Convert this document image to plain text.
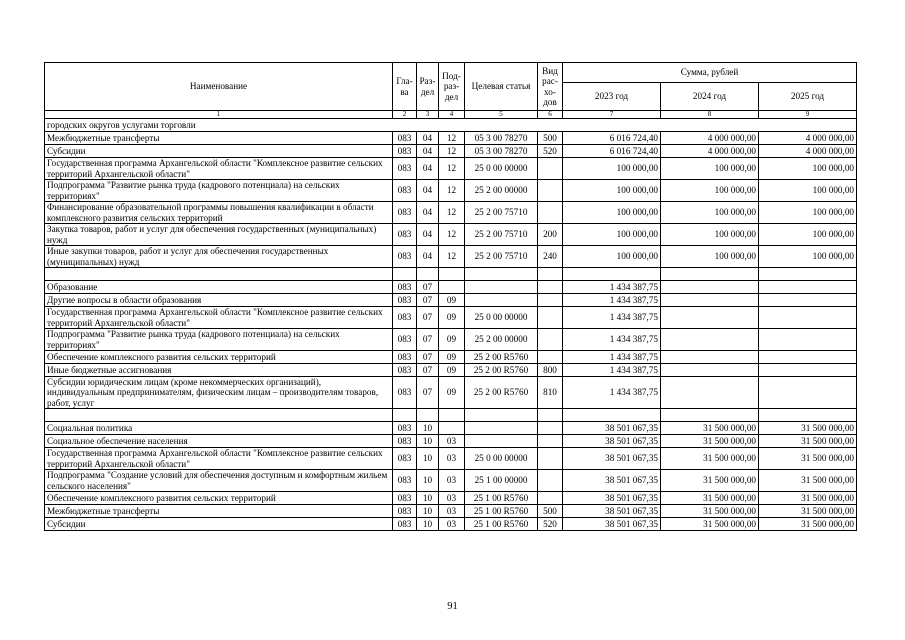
Наименование	Гла-ва	Раз-дел	Под-раз-дел	Целевая статья	Вид рас-хо-дов	Сумма, рублей		
						2023 год	2024 год	2025 год
1	2	3	4	5	6	7	8	9
городских округов услугами торговли								
Межбюджетные трансферты	083	04	12	05 3 00 78270	500	6 016 724,40	4 000 000,00	4 000 000,00
Субсидии	083	04	12	05 3 00 78270	520	6 016 724,40	4 000 000,00	4 000 000,00
Государственная программа Архангельской области "Комплексное развитие сельских территорий Архангельской области"	083	04	12	25 0 00 00000		100 000,00	100 000,00	100 000,00
Подпрограмма "Развитие рынка труда (кадрового потенциала) на сельских территориях"	083	04	12	25 2 00 00000		100 000,00	100 000,00	100 000,00
Финансирование образовательной программы повышения квалификации в области комплексного развития сельских территорий	083	04	12	25 2 00 75710		100 000,00	100 000,00	100 000,00
Закупка товаров, работ и услуг для обеспечения государственных (муниципальных) нужд	083	04	12	25 2 00 75710	200	100 000,00	100 000,00	100 000,00
Иные закупки товаров, работ и услуг для обеспечения государственных (муниципальных) нужд	083	04	12	25 2 00 75710	240	100 000,00	100 000,00	100 000,00

Образование	083	07				1 434 387,75		
Другие вопросы в области образования	083	07	09			1 434 387,75		
Государственная программа Архангельской области "Комплексное развитие сельских территорий Архангельской области"	083	07	09	25 0 00 00000		1 434 387,75		
Подпрограмма "Развитие рынка труда (кадрового потенциала) на сельских территориях"	083	07	09	25 2 00 00000		1 434 387,75		
Обеспечение комплексного развития сельских территорий	083	07	09	25 2 00 R5760		1 434 387,75		
Иные бюджетные ассигнования	083	07	09	25 2 00 R5760	800	1 434 387,75		
Субсидии юридическим лицам (кроме некоммерческих организаций), индивидуальным предпринимателям, физическим лицам – производителям товаров, работ, услуг	083	07	09	25 2 00 R5760	810	1 434 387,75		

Социальная политика	083	10				38 501 067,35	31 500 000,00	31 500 000,00
Социальное обеспечение населения	083	10	03			38 501 067,35	31 500 000,00	31 500 000,00
Государственная программа Архангельской области "Комплексное развитие сельских территорий Архангельской области"	083	10	03	25 0 00 00000		38 501 067,35	31 500 000,00	31 500 000,00
Подпрограмма "Создание условий для обеспечения доступным и комфортным жильем сельского населения"	083	10	03	25 1 00 00000		38 501 067,35	31 500 000,00	31 500 000,00
Обеспечение комплексного развития сельских территорий	083	10	03	25 1 00 R5760		38 501 067,35	31 500 000,00	31 500 000,00
Межбюджетные трансферты	083	10	03	25 1 00 R5760	500	38 501 067,35	31 500 000,00	31 500 000,00
Субсидии	083	10	03	25 1 00 R5760	520	38 501 067,35	31 500 000,00	31 500 000,00
91
